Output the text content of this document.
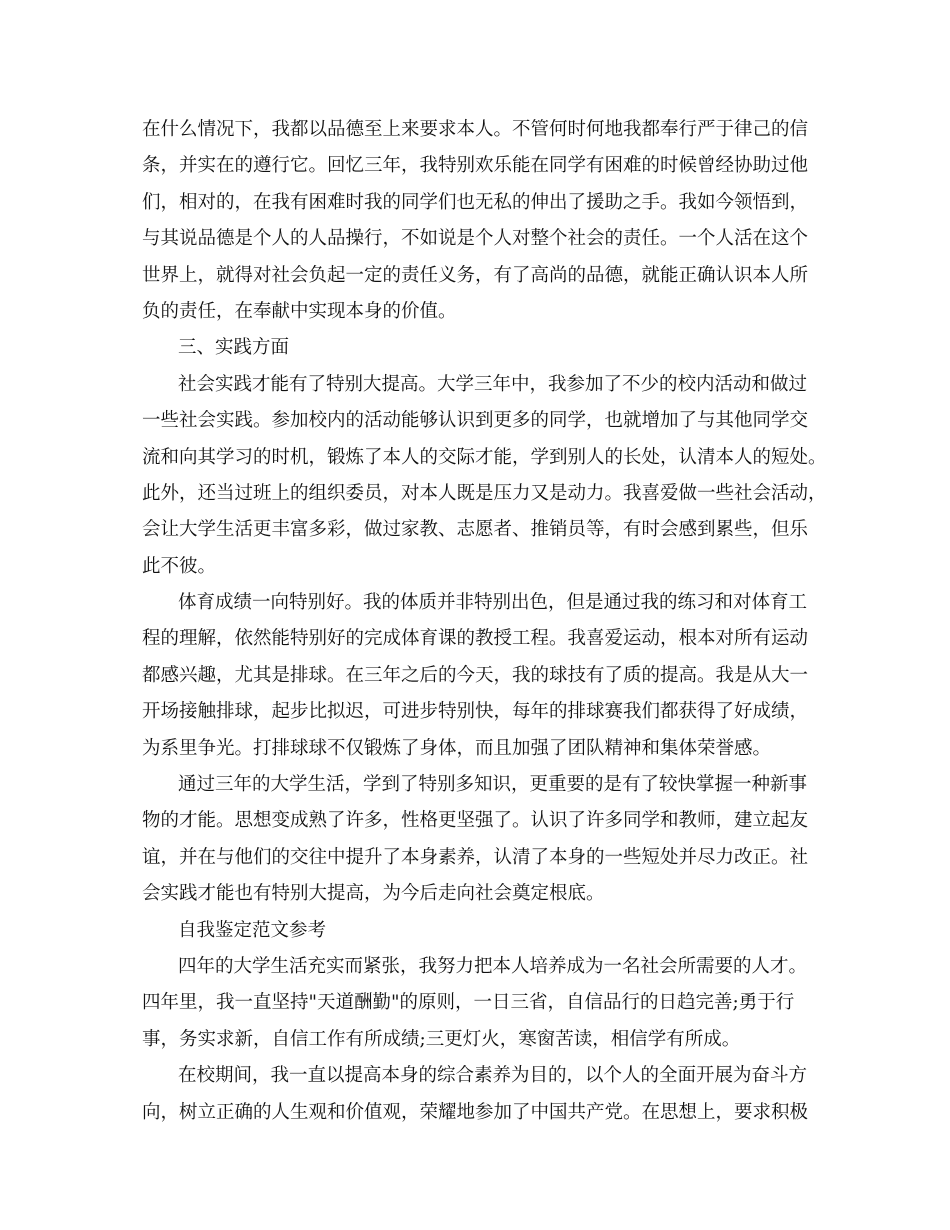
在什么情况下，我都以品德至上来要求本人。不管何时何地我都奉行严于律己的信
条，并实在的遵行它。回忆三年，我特别欢乐能在同学有困难的时候曾经协助过他
们，相对的，在我有困难时我的同学们也无私的伸出了援助之手。我如今领悟到，
与其说品德是个人的人品操行，不如说是个人对整个社会的责任。一个人活在这个
世界上，就得对社会负起一定的责任义务，有了高尚的品德，就能正确认识本人所
负的责任，在奉献中实现本身的价值。
三、实践方面
社会实践才能有了特别大提高。大学三年中，我参加了不少的校内活动和做过
一些社会实践。参加校内的活动能够认识到更多的同学，也就增加了与其他同学交
流和向其学习的时机，锻炼了本人的交际才能，学到别人的长处，认清本人的短处。
此外，还当过班上的组织委员，对本人既是压力又是动力。我喜爱做一些社会活动，
会让大学生活更丰富多彩，做过家教、志愿者、推销员等，有时会感到累些，但乐
此不彼。
体育成绩一向特别好。我的体质并非特别出色，但是通过我的练习和对体育工
程的理解，依然能特别好的完成体育课的教授工程。我喜爱运动，根本对所有运动
都感兴趣，尤其是排球。在三年之后的今天，我的球技有了质的提高。我是从大一
开场接触排球，起步比拟迟，可进步特别快，每年的排球赛我们都获得了好成绩，
为系里争光。打排球球不仅锻炼了身体，而且加强了团队精神和集体荣誉感。
通过三年的大学生活，学到了特别多知识，更重要的是有了较快掌握一种新事
物的才能。思想变成熟了许多，性格更坚强了。认识了许多同学和教师，建立起友
谊，并在与他们的交往中提升了本身素养，认清了本身的一些短处并尽力改正。社
会实践才能也有特别大提高，为今后走向社会奠定根底。
自我鉴定范文参考
四年的大学生活充实而紧张，我努力把本人培养成为一名社会所需要的人才。
四年里，我一直坚持"天道酬勤"的原则，一日三省，自信品行的日趋完善;勇于行
事，务实求新，自信工作有所成绩;三更灯火，寒窗苦读，相信学有所成。
在校期间，我一直以提高本身的综合素养为目的，以个人的全面开展为奋斗方
向，树立正确的人生观和价值观，荣耀地参加了中国共产党。在思想上，要求积极
